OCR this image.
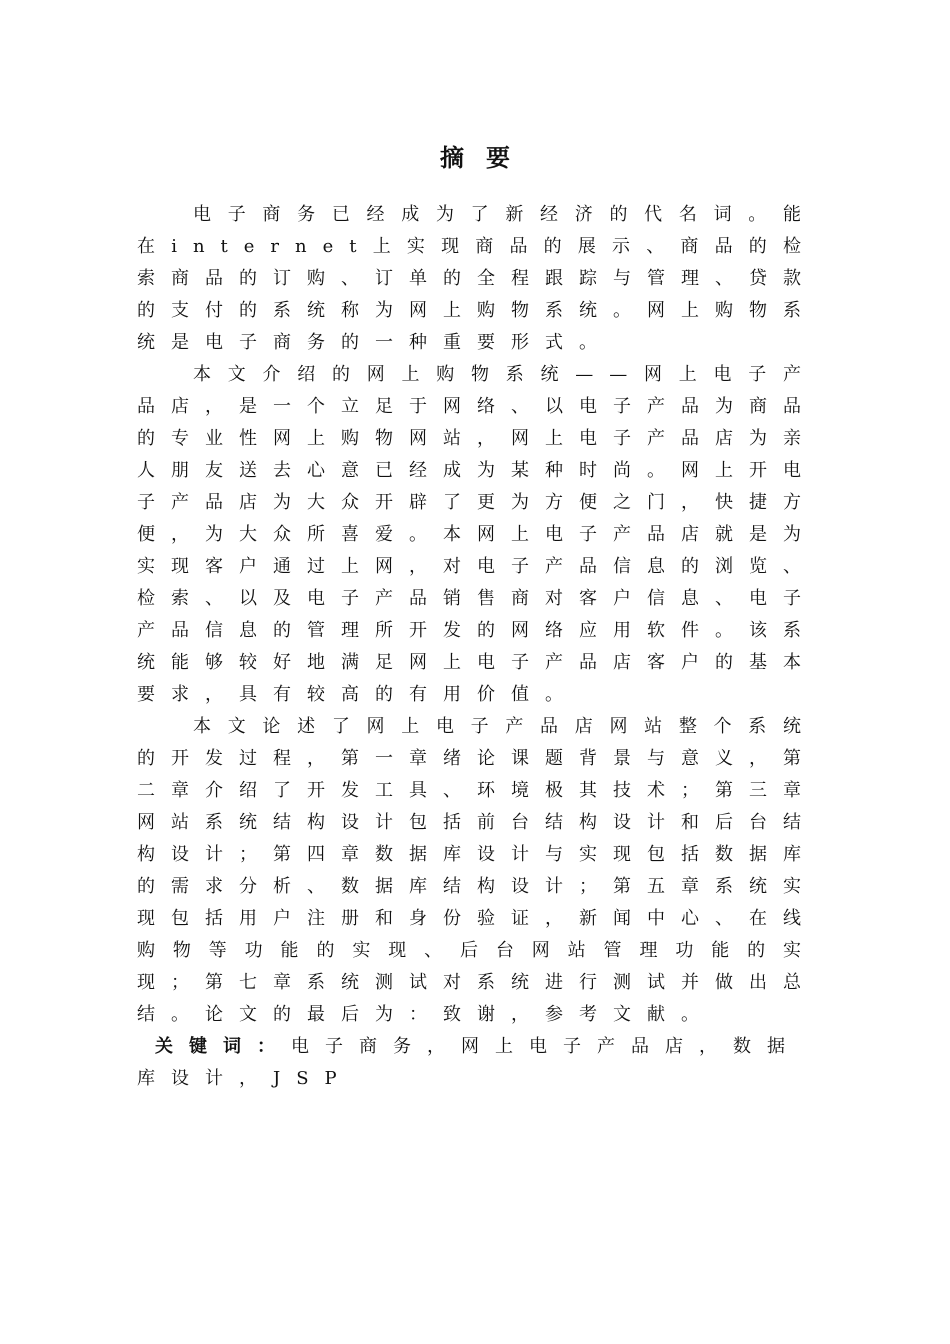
摘要

电子商务已经成为了新经济的代名词。能在internet上实现商品的展示、商品的检索商品的订购、订单的全程跟踪与管理、贷款的支付的系统称为网上购物系统。网上购物系统是电子商务的一种重要形式。

本文介绍的网上购物系统——网上电子产品店，是一个立足于网络、以电子产品为商品的专业性网上购物网站，网上电子产品店为亲人朋友送去心意已经成为某种时尚。网上开电子产品店为大众开辟了更为方便之门，快捷方便，为大众所喜爱。本网上电子产品店就是为实现客户通过上网，对电子产品信息的浏览、检索、以及电子产品销售商对客户信息、电子产品信息的管理所开发的网络应用软件。该系统能够较好地满足网上电子产品店客户的基本要求，具有较高的有用价值。

本文论述了网上电子产品店网站整个系统的开发过程，第一章绪论课题背景与意义，第二章介绍了开发工具、环境极其技术；第三章网站系统结构设计包括前台结构设计和后台结构设计；第四章数据库设计与实现包括数据库的需求分析、数据库结构设计；第五章系统实现包括用户注册和身份验证，新闻中心、在线购物等功能的实现、后台网站管理功能的实现；第七章系统测试对系统进行测试并做出总结。论文的最后为：致谢，参考文献。

关键词：电子商务，网上电子产品店，数据库设计，JSP
